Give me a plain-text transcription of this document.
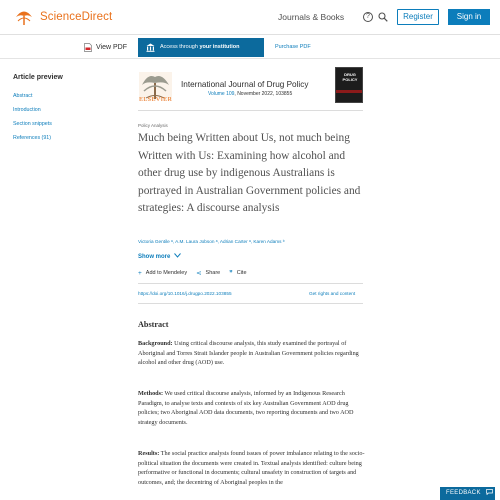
ScienceDirect	Journals & Books	?	Register	Sign in
View PDF	Access through your institution	Purchase PDF
Article preview
Abstract
Introduction
Section snippets
References (91)
ELSEVIER
International Journal of Drug Policy
Volume 109, November 2022, 103855
DRUG POLICY
Policy Analysis
Much being Written about Us, not much being Written with Us: Examining how alcohol and other drug use by indigenous Australians is portrayed in Australian Government policies and strategies: A discourse analysis
Victoria Gentile ᵃ, A.M. Laura Jobson ᵃ, Adrian Carter ᵃ, Karen Adams ᵇ
Show more
+ Add to Mendeley ⋖ Share ❞ Cite
https://doi.org/10.1016/j.drugpo.2022.103855	Get rights and content
Abstract

Background: Using critical discourse analysis, this study examined the portrayal of Aboriginal and Torres Strait Islander people in Australian Government policies regarding alcohol and other drug (AOD) use.

Methods: We used critical discourse analysis, informed by an Indigenous Research Paradigm, to analyse texts and contexts of six key Australian Government AOD drug policies; two Aboriginal AOD data documents, two reporting documents and two AOD strategy documents.

Results: The social practice analysis found issues of power imbalance relating to the socio-political situation the documents were created in. Textual analysis identified: culture being performative or functional in documents; cultural unsafety in construction of targets and outcomes, and; the decentring of Aboriginal peoples in the

FEEDBACK
